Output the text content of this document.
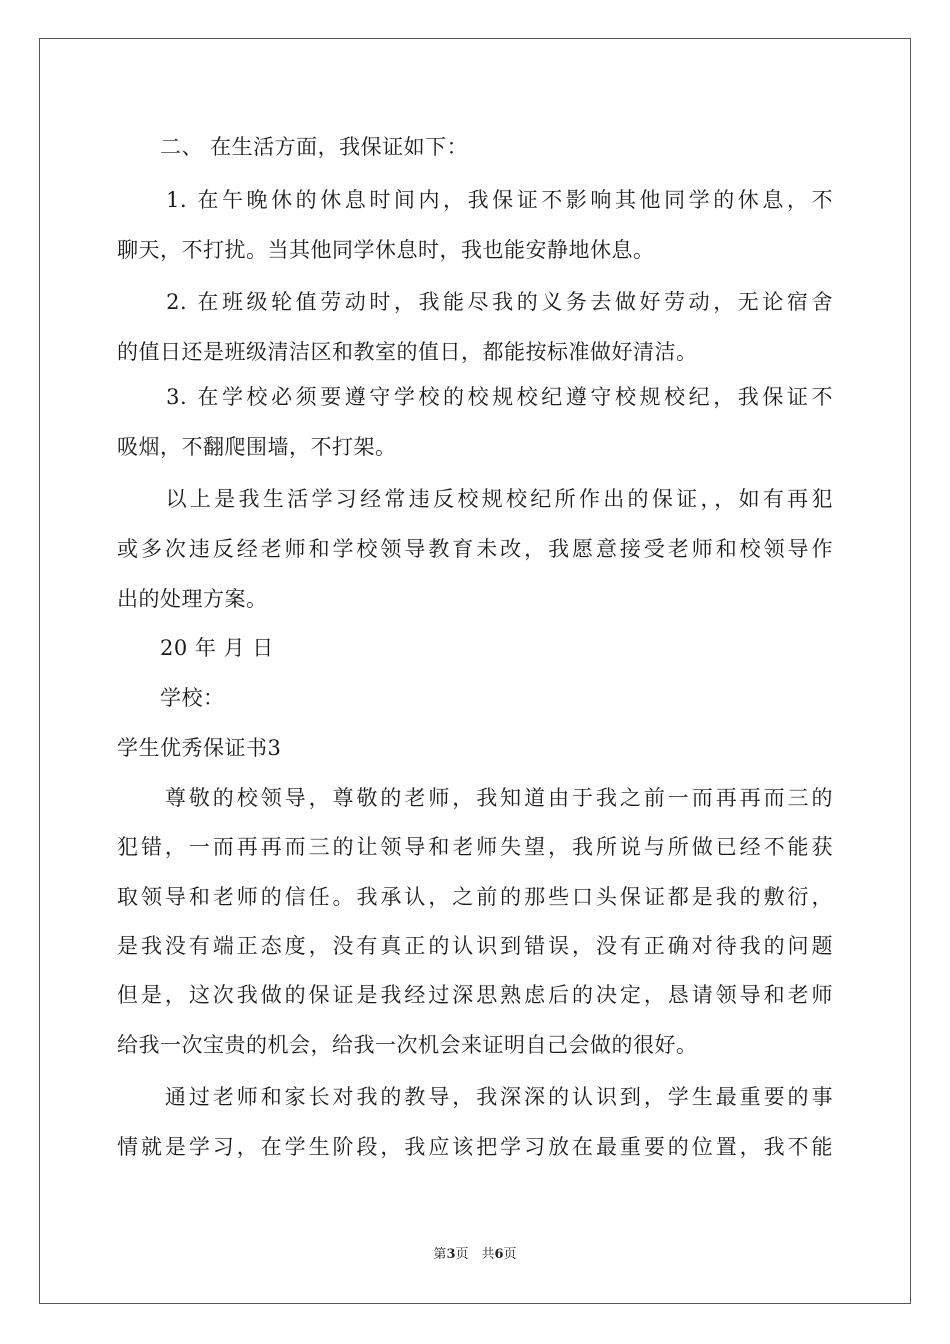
　　二、 在生活方面，我保证如下：
　　1. 在午晚休的休息时间内，我保证不影响其他同学的休息，不
聊天，不打扰。当其他同学休息时，我也能安静地休息。
　　2. 在班级轮值劳动时，我能尽我的义务去做好劳动，无论宿舍
的值日还是班级清洁区和教室的值日，都能按标准做好清洁。
　　3. 在学校必须要遵守学校的校规校纪遵守校规校纪，我保证不
吸烟，不翻爬围墙，不打架。
　　以上是我生活学习经常违反校规校纪所作出的保证，，如有再犯
或多次违反经老师和学校领导教育未改，我愿意接受老师和校领导作
出的处理方案。
　　20 年 月 日
　　学校：
学生优秀保证书3
　　尊敬的校领导，尊敬的老师，我知道由于我之前一而再再而三的
犯错，一而再再而三的让领导和老师失望，我所说与所做已经不能获
取领导和老师的信任。我承认，之前的那些口头保证都是我的敷衍，
是我没有端正态度，没有真正的认识到错误，没有正确对待我的问题
但是，这次我做的保证是我经过深思熟虑后的决定，恳请领导和老师
给我一次宝贵的机会，给我一次机会来证明自己会做的很好。
　　通过老师和家长对我的教导，我深深的认识到，学生最重要的事
情就是学习，在学生阶段，我应该把学习放在最重要的位置，我不能
第3页　共6页
